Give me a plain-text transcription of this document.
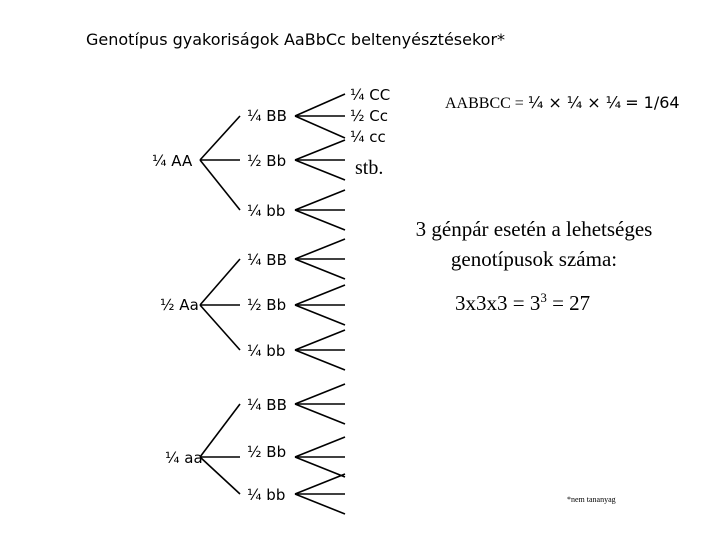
Genotípus gyakoriságok AaBbCc beltenyésztésekor*
¼ AA
½ Aa
¼ aa
¼ BB
½ Bb
¼ bb
¼ BB
½ Bb
¼ bb
¼ BB
½ Bb
¼ bb
¼ CC
½ Cc
¼ cc
stb.
AABBCC = ¼ × ¼ × ¼ = 1/64
3 génpár esetén a lehetséges
genotípusok száma:
$3x3x3 = 3^3 = 27$
*nem tananyag
